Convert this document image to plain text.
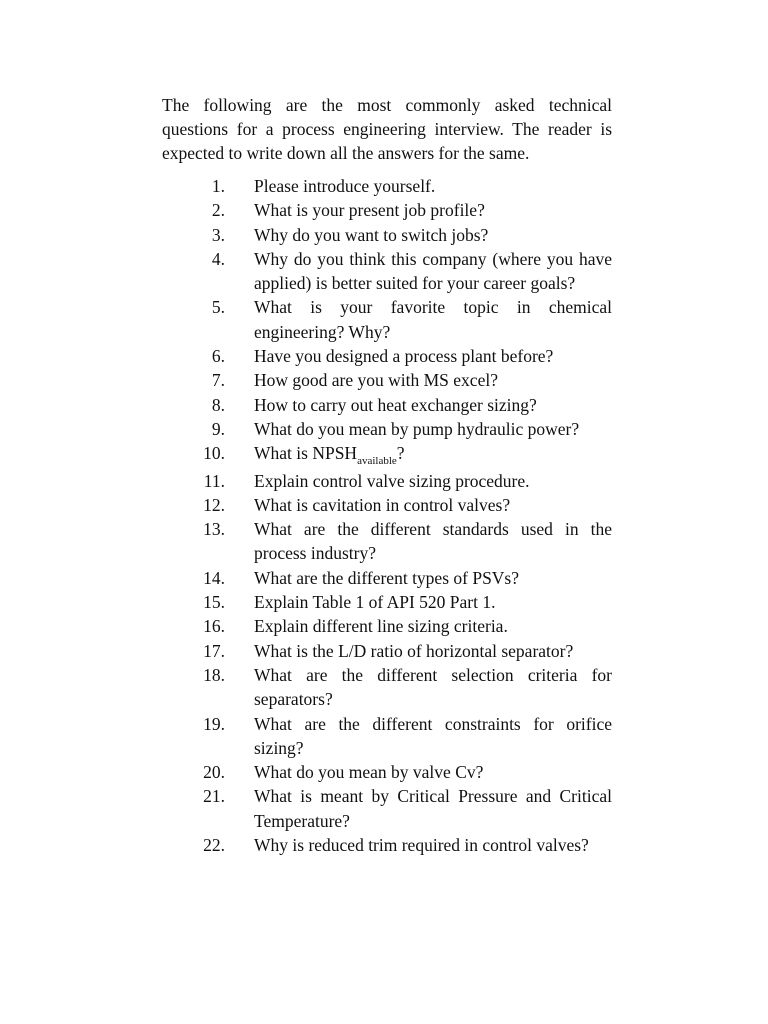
The following are the most commonly asked technical questions for a process engineering interview. The reader is expected to write down all the answers for the same.

1. Please introduce yourself.
2. What is your present job profile?
3. Why do you want to switch jobs?
4. Why do you think this company (where you have applied) is better suited for your career goals?
5. What is your favorite topic in chemical engineering? Why?
6. Have you designed a process plant before?
7. How good are you with MS excel?
8. How to carry out heat exchanger sizing?
9. What do you mean by pump hydraulic power?
10. What is $NPSH_{available}$?
11. Explain control valve sizing procedure.
12. What is cavitation in control valves?
13. What are the different standards used in the process industry?
14. What are the different types of PSVs?
15. Explain Table 1 of API 520 Part 1.
16. Explain different line sizing criteria.
17. What is the L/D ratio of horizontal separator?
18. What are the different selection criteria for separators?
19. What are the different constraints for orifice sizing?
20. What do you mean by valve Cv?
21. What is meant by Critical Pressure and Critical Temperature?
22. Why is reduced trim required in control valves?
